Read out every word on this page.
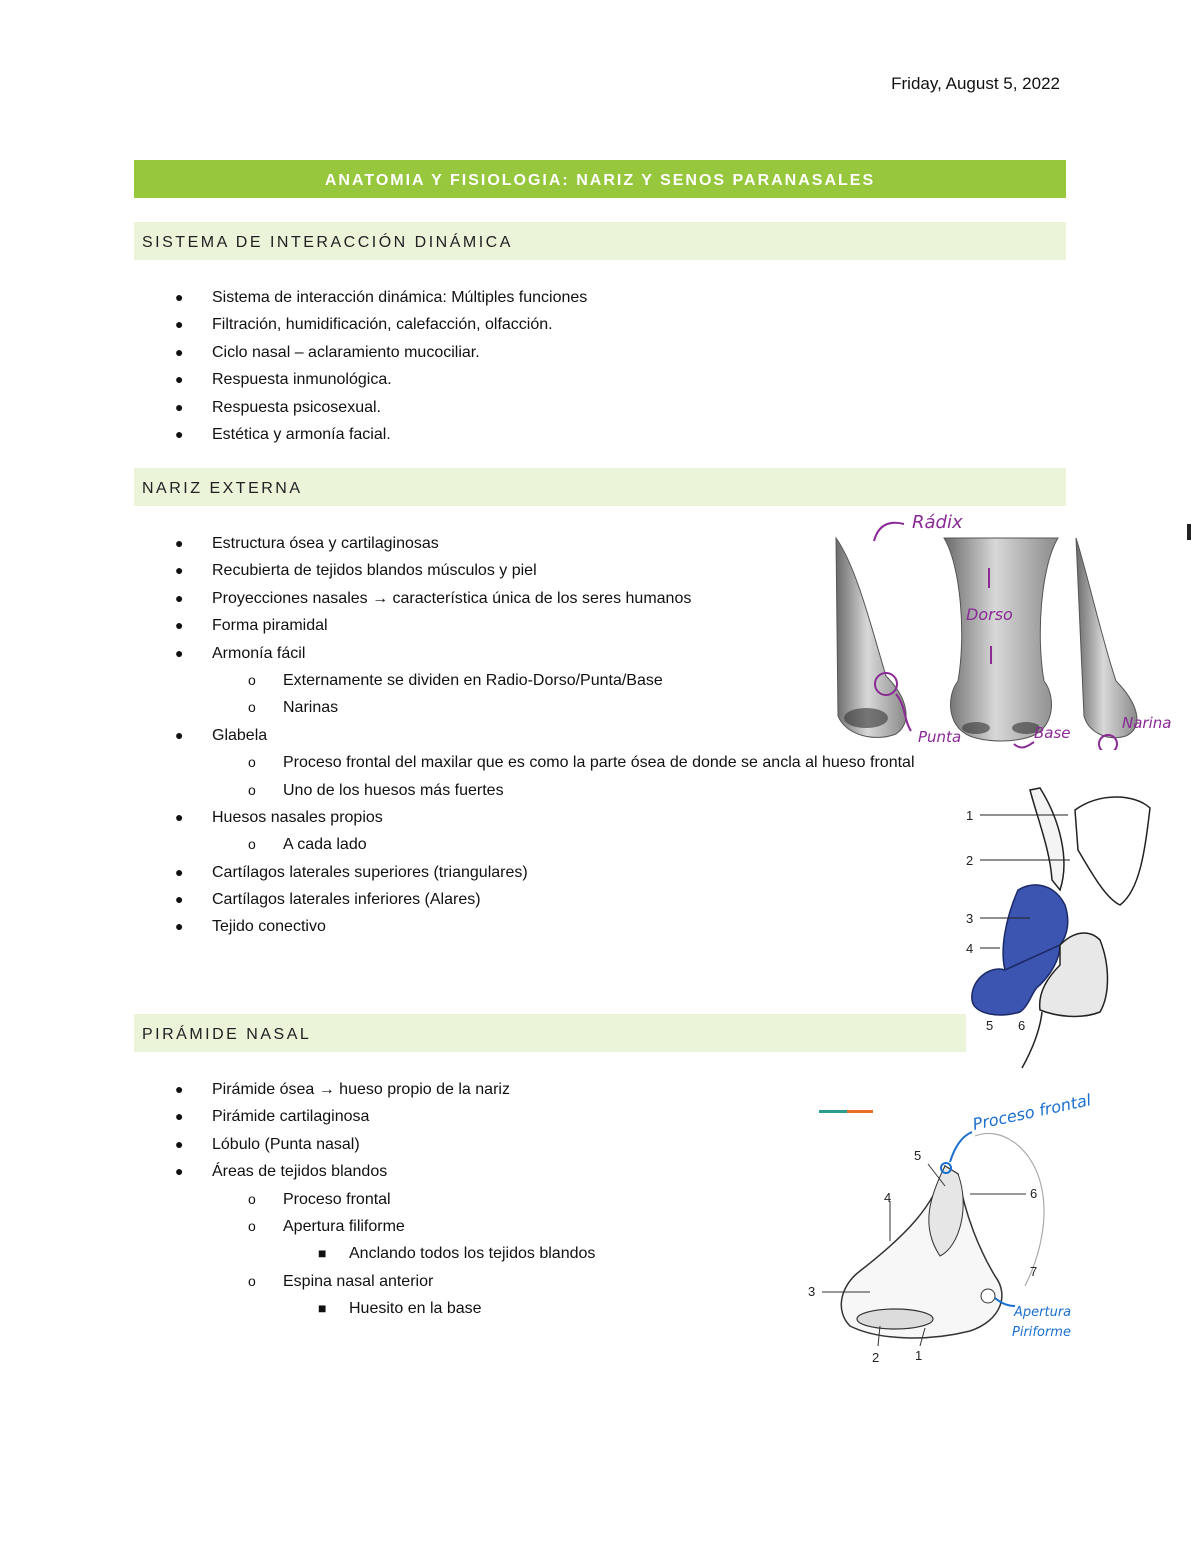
Friday, August 5, 2022
ANATOMIA Y FISIOLOGIA: NARIZ Y SENOS PARANASALES
SISTEMA DE INTERACCIÓN DINÁMICA
● Sistema de interacción dinámica: Múltiples funciones
● Filtración, humidificación, calefacción, olfacción.
● Ciclo nasal – aclaramiento mucociliar.
● Respuesta inmunológica.
● Respuesta psicosexual.
● Estética y armonía facial.
NARIZ EXTERNA
● Estructura ósea y cartilaginosas
● Recubierta de tejidos blandos músculos y piel
● Proyecciones nasales → característica única de los seres humanos
● Forma piramidal
● Armonía fácil
o Externamente se dividen en Radio-Dorso/Punta/Base
o Narinas
● Glabela
o Proceso frontal del maxilar que es como la parte ósea de donde se ancla al hueso frontal
o Uno de los huesos más fuertes
● Huesos nasales propios
o A cada lado
● Cartílagos laterales superiores (triangulares)
● Cartílagos laterales inferiores (Alares)
● Tejido conectivo
PIRÁMIDE NASAL
● Pirámide ósea → hueso propio de la nariz
● Pirámide cartilaginosa
● Lóbulo (Punta nasal)
● Áreas de tejidos blandos
o Proceso frontal
o Apertura filiforme
■ Anclando todos los tejidos blandos
o Espina nasal anterior
■ Huesito en la base
Rádix
Dorso
Punta	Base
Narina
1
2
3
4
5 6
1
2
3
4
5
6
7
Proceso frontal
Apertura
Piriforme
